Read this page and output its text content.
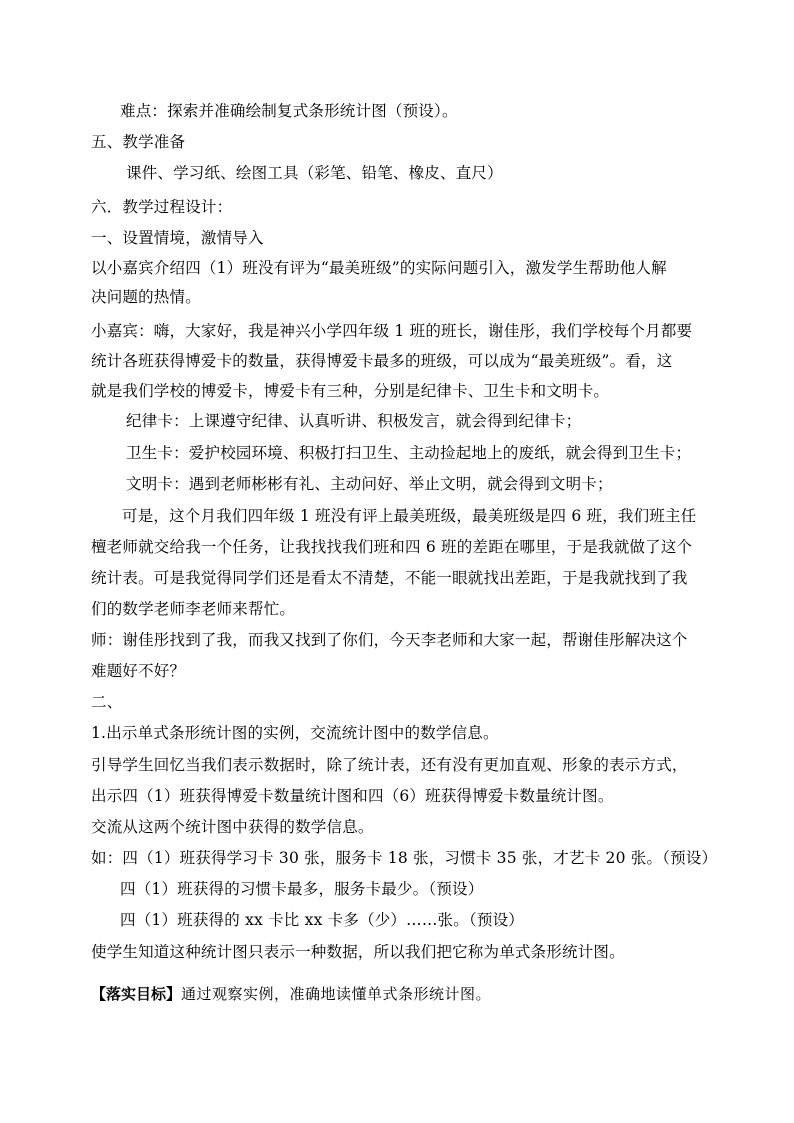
难点：探索并准确绘制复式条形统计图（预设）。
五、教学准备
课件、学习纸、绘图工具（彩笔、铅笔、橡皮、直尺）
六．教学过程设计：
一、设置情境，激情导入
以小嘉宾介绍四（1）班没有评为“最美班级”的实际问题引入，激发学生帮助他人解
决问题的热情。
小嘉宾：嗨，大家好，我是神兴小学四年级 1 班的班长，谢佳彤，我们学校每个月都要
统计各班获得博爱卡的数量，获得博爱卡最多的班级，可以成为“最美班级”。看，这
就是我们学校的博爱卡，博爱卡有三种，分别是纪律卡、卫生卡和文明卡。
纪律卡：上课遵守纪律、认真听讲、积极发言，就会得到纪律卡；
卫生卡：爱护校园环境、积极打扫卫生、主动捡起地上的废纸，就会得到卫生卡；
文明卡：遇到老师彬彬有礼、主动问好、举止文明，就会得到文明卡；
可是，这个月我们四年级 1 班没有评上最美班级，最美班级是四 6 班，我们班主任
檀老师就交给我一个任务，让我找找我们班和四 6 班的差距在哪里，于是我就做了这个
统计表。可是我觉得同学们还是看太不清楚，不能一眼就找出差距，于是我就找到了我
们的数学老师李老师来帮忙。
师：谢佳彤找到了我，而我又找到了你们，今天李老师和大家一起，帮谢佳彤解决这个
难题好不好？
二、
1.出示单式条形统计图的实例，交流统计图中的数学信息。
引导学生回忆当我们表示数据时，除了统计表，还有没有更加直观、形象的表示方式，
出示四（1）班获得博爱卡数量统计图和四（6）班获得博爱卡数量统计图。
交流从这两个统计图中获得的数学信息。
如：四（1）班获得学习卡 30 张，服务卡 18 张，习惯卡 35 张，才艺卡 20 张。（预设）
四（1）班获得的习惯卡最多，服务卡最少。（预设）
四（1）班获得的 xx 卡比 xx 卡多（少）……张。（预设）
使学生知道这种统计图只表示一种数据，所以我们把它称为单式条形统计图。
【落实目标】通过观察实例，准确地读懂单式条形统计图。
